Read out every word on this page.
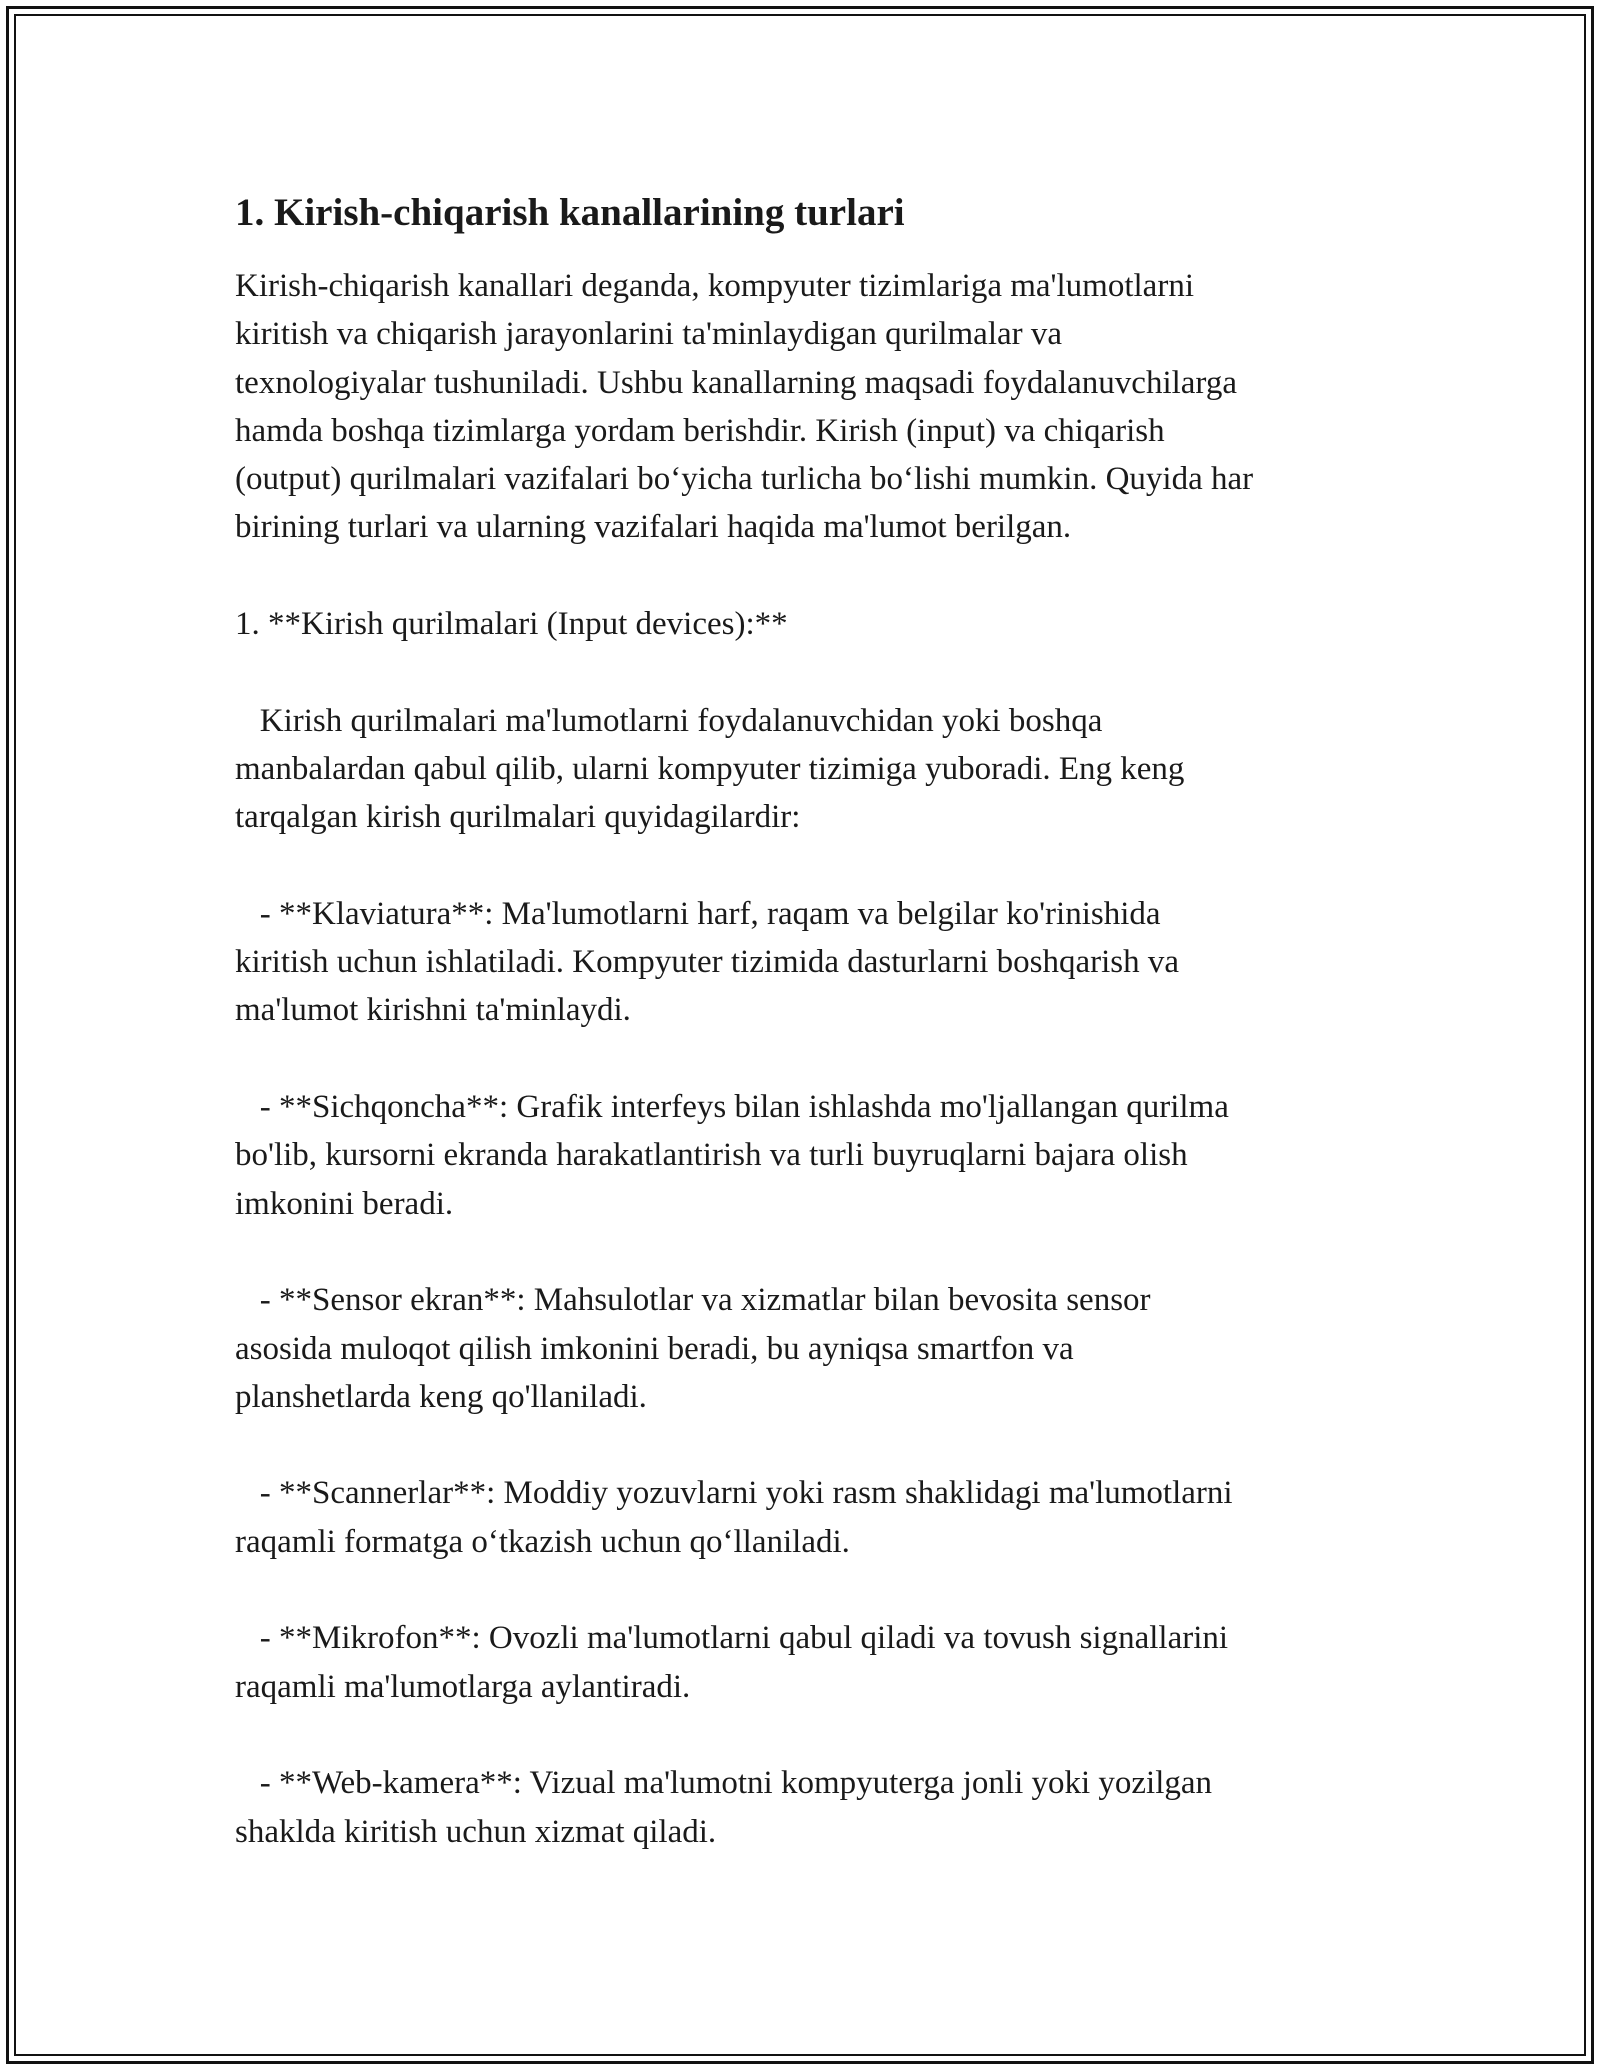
1. Kirish-chiqarish kanallarining turlari

Kirish-chiqarish kanallari deganda, kompyuter tizimlariga ma'lumotlarni
kiritish va chiqarish jarayonlarini ta'minlaydigan qurilmalar va
texnologiyalar tushuniladi. Ushbu kanallarning maqsadi foydalanuvchilarga
hamda boshqa tizimlarga yordam berishdir. Kirish (input) va chiqarish
(output) qurilmalari vazifalari bo‘yicha turlicha bo‘lishi mumkin. Quyida har
birining turlari va ularning vazifalari haqida ma'lumot berilgan.

1. **Kirish qurilmalari (Input devices):**

Kirish qurilmalari ma'lumotlarni foydalanuvchidan yoki boshqa
manbalardan qabul qilib, ularni kompyuter tizimiga yuboradi. Eng keng
tarqalgan kirish qurilmalari quyidagilardir:

- **Klaviatura**: Ma'lumotlarni harf, raqam va belgilar ko'rinishida
kiritish uchun ishlatiladi. Kompyuter tizimida dasturlarni boshqarish va
ma'lumot kirishni ta'minlaydi.

- **Sichqoncha**: Grafik interfeys bilan ishlashda mo'ljallangan qurilma
bo'lib, kursorni ekranda harakatlantirish va turli buyruqlarni bajara olish
imkonini beradi.

- **Sensor ekran**: Mahsulotlar va xizmatlar bilan bevosita sensor
asosida muloqot qilish imkonini beradi, bu ayniqsa smartfon va
planshetlarda keng qo'llaniladi.

- **Scannerlar**: Moddiy yozuvlarni yoki rasm shaklidagi ma'lumotlarni
raqamli formatga o‘tkazish uchun qo‘llaniladi.

- **Mikrofon**: Ovozli ma'lumotlarni qabul qiladi va tovush signallarini
raqamli ma'lumotlarga aylantiradi.

- **Web-kamera**: Vizual ma'lumotni kompyuterga jonli yoki yozilgan
shaklda kiritish uchun xizmat qiladi.
